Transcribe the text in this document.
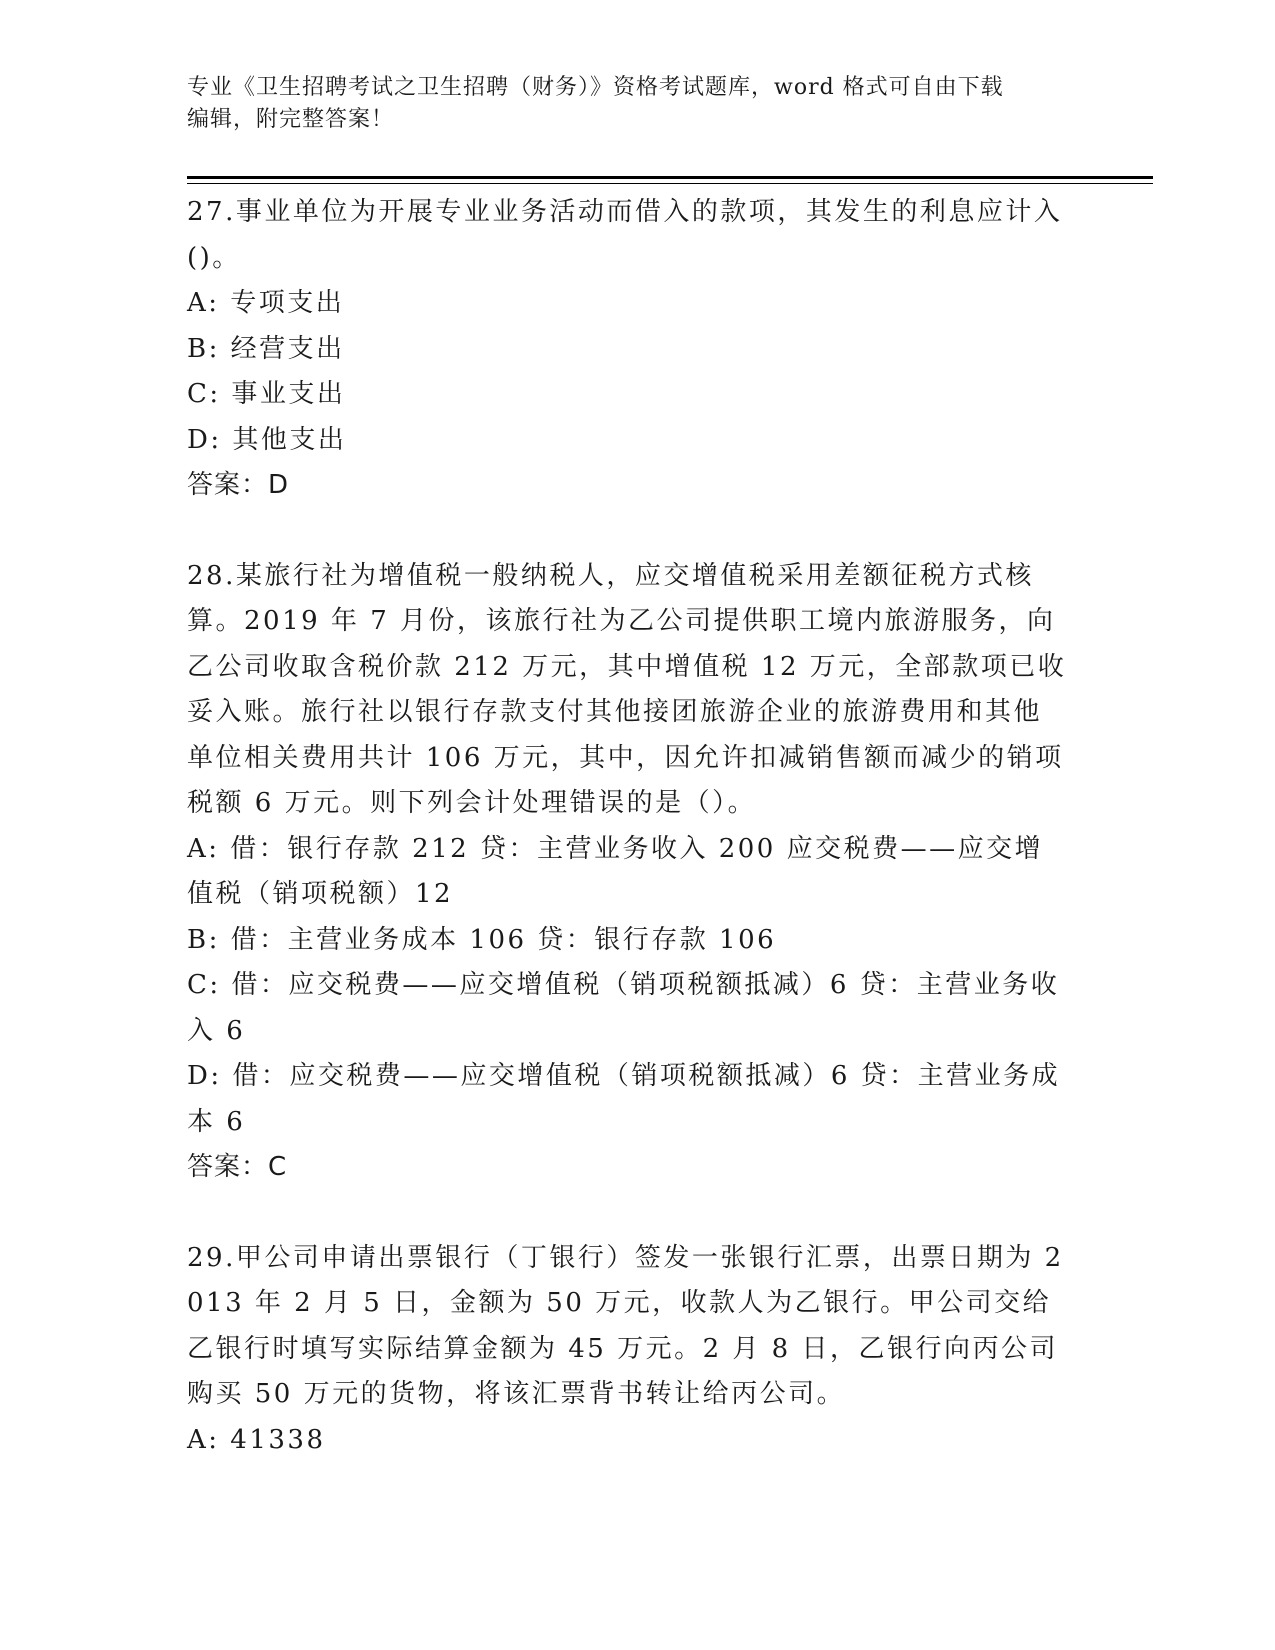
专业《卫生招聘考试之卫生招聘（财务）》资格考试题库，word 格式可自由下载
编辑，附完整答案！

27.事业单位为开展专业业务活动而借入的款项，其发生的利息应计入()。

A: 专项支出

B: 经营支出

C: 事业支出

D: 其他支出

答案：D

28.某旅行社为增值税一般纳税人，应交增值税采用差额征税方式核算。2019 年 7 月份，该旅行社为乙公司提供职工境内旅游服务，向乙公司收取含税价款 212 万元，其中增值税 12 万元，全部款项已收妥入账。旅行社以银行存款支付其他接团旅游企业的旅游费用和其他单位相关费用共计 106 万元，其中，因允许扣减销售额而减少的销项税额 6 万元。则下列会计处理错误的是（）。

A: 借：银行存款 212 贷：主营业务收入 200 应交税费——应交增值税（销项税额）12

B: 借：主营业务成本 106 贷：银行存款 106

C: 借：应交税费——应交增值税（销项税额抵减）6 贷：主营业务收入 6

D: 借：应交税费——应交增值税（销项税额抵减）6 贷：主营业务成本 6

答案：C

29.甲公司申请出票银行（丁银行）签发一张银行汇票，出票日期为 2013 年 2 月 5 日，金额为 50 万元，收款人为乙银行。甲公司交给乙银行时填写实际结算金额为 45 万元。2 月 8 日，乙银行向丙公司购买 50 万元的货物，将该汇票背书转让给丙公司。

A: 41338
